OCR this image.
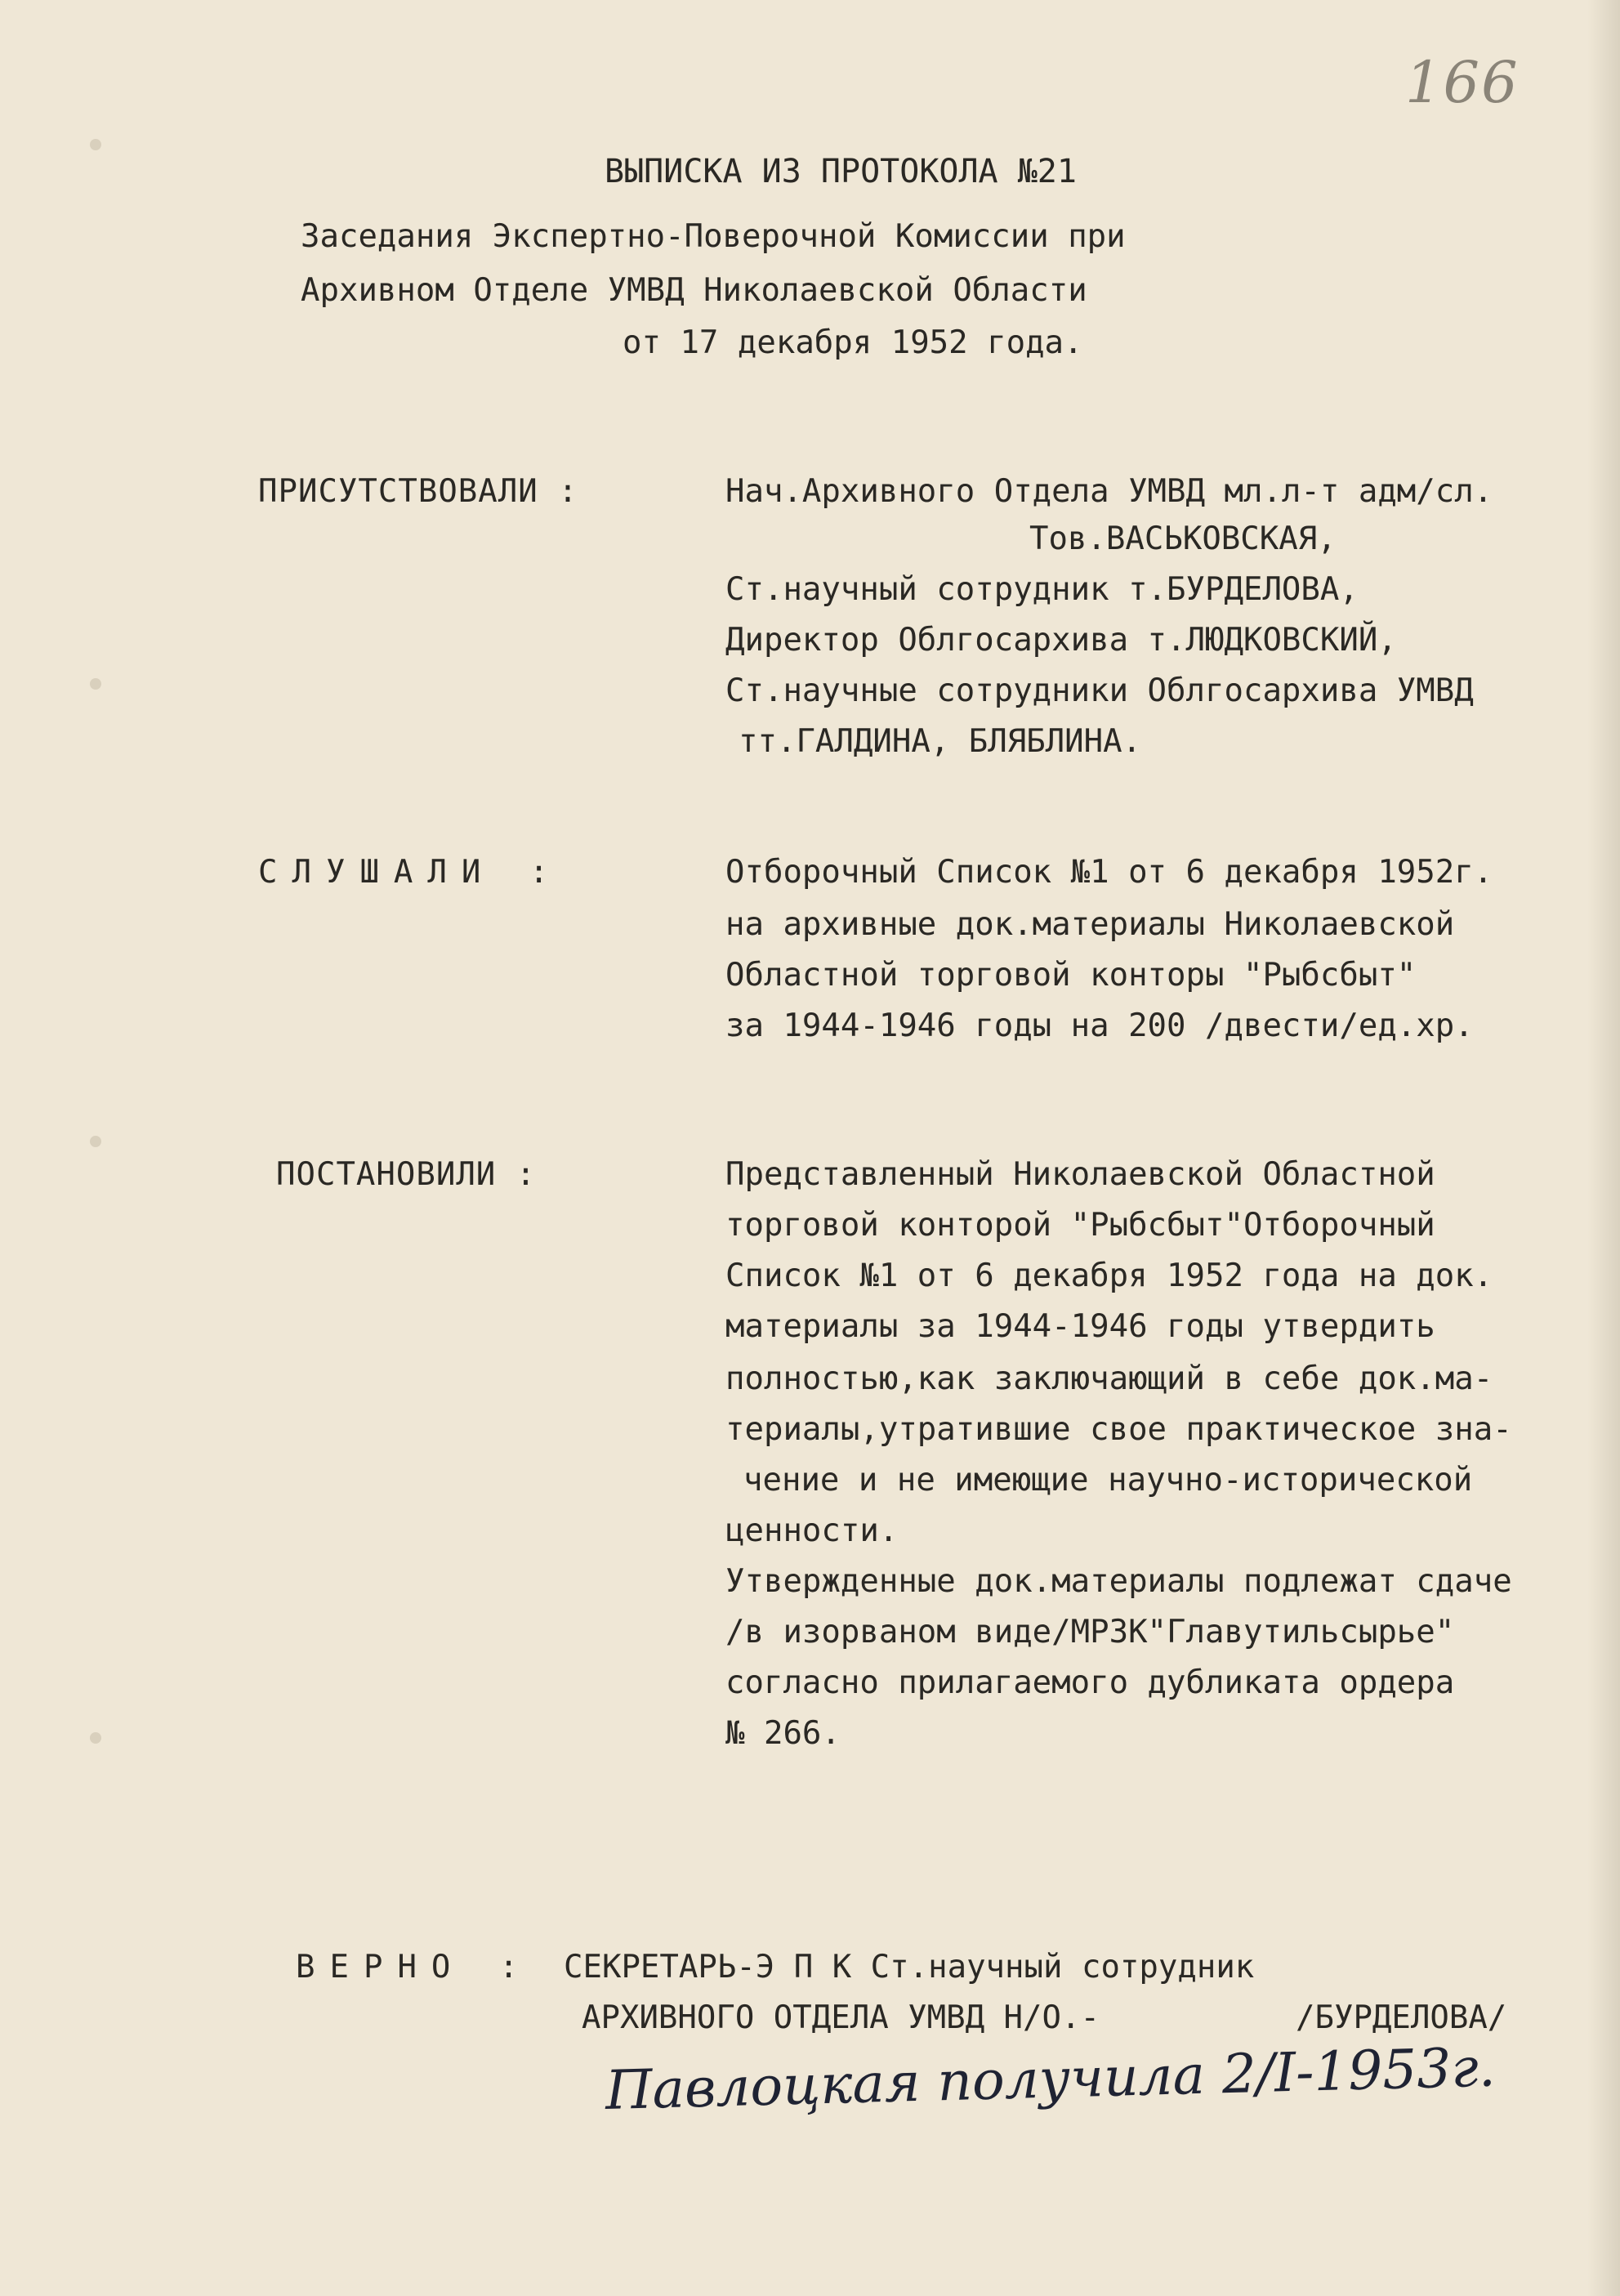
166
ВЫПИСКА ИЗ ПРОТОКОЛА №21
Заседания Экспертно-Поверочной Комиссии при
Архивном Отделе УМВД Николаевской Области
от 17 декабря 1952 года.
ПРИСУТСТВОВАЛИ :	Нач.Архивного Отдела УМВД мл.л-т адм/сл.
Тов.ВАСЬКОВСКАЯ,
Ст.научный сотрудник т.БУРДЕЛОВА,
Директор Облгосархива т.ЛЮДКОВСКИЙ,
Ст.научные сотрудники Облгосархива УМВД
тт.ГАЛДИНА, БЛЯБЛИНА.
СЛУШАЛИ :	Отборочный Список №1 от 6 декабря 1952г.
на архивные док.материалы Николаевской
Областной торговой конторы "Рыбсбыт"
за 1944-1946 годы на 200 /двести/ед.хр.
ПОСТАНОВИЛИ :	Представленный Николаевской Областной
торговой конторой "Рыбсбыт"Отборочный
Список №1 от 6 декабря 1952 года на док.
материалы за 1944-1946 годы утвердить
полностью,как заключающий в себе док.ма-
териалы,утратившие свое практическое зна-
чение и не имеющие научно-исторической
ценности.
Утвержденные док.материалы подлежат сдаче
/в изорваном виде/МРЗК"Главутильсырье"
согласно прилагаемого дубликата ордера
№ 266.
ВЕРНО : СЕКРЕТАРЬ-Э П К Ст.научный сотрудник
АРХИВНОГО ОТДЕЛА УМВД Н/О.-	/БУРДЕЛОВА/
Павлоцкая получила 2/I-1953г.
